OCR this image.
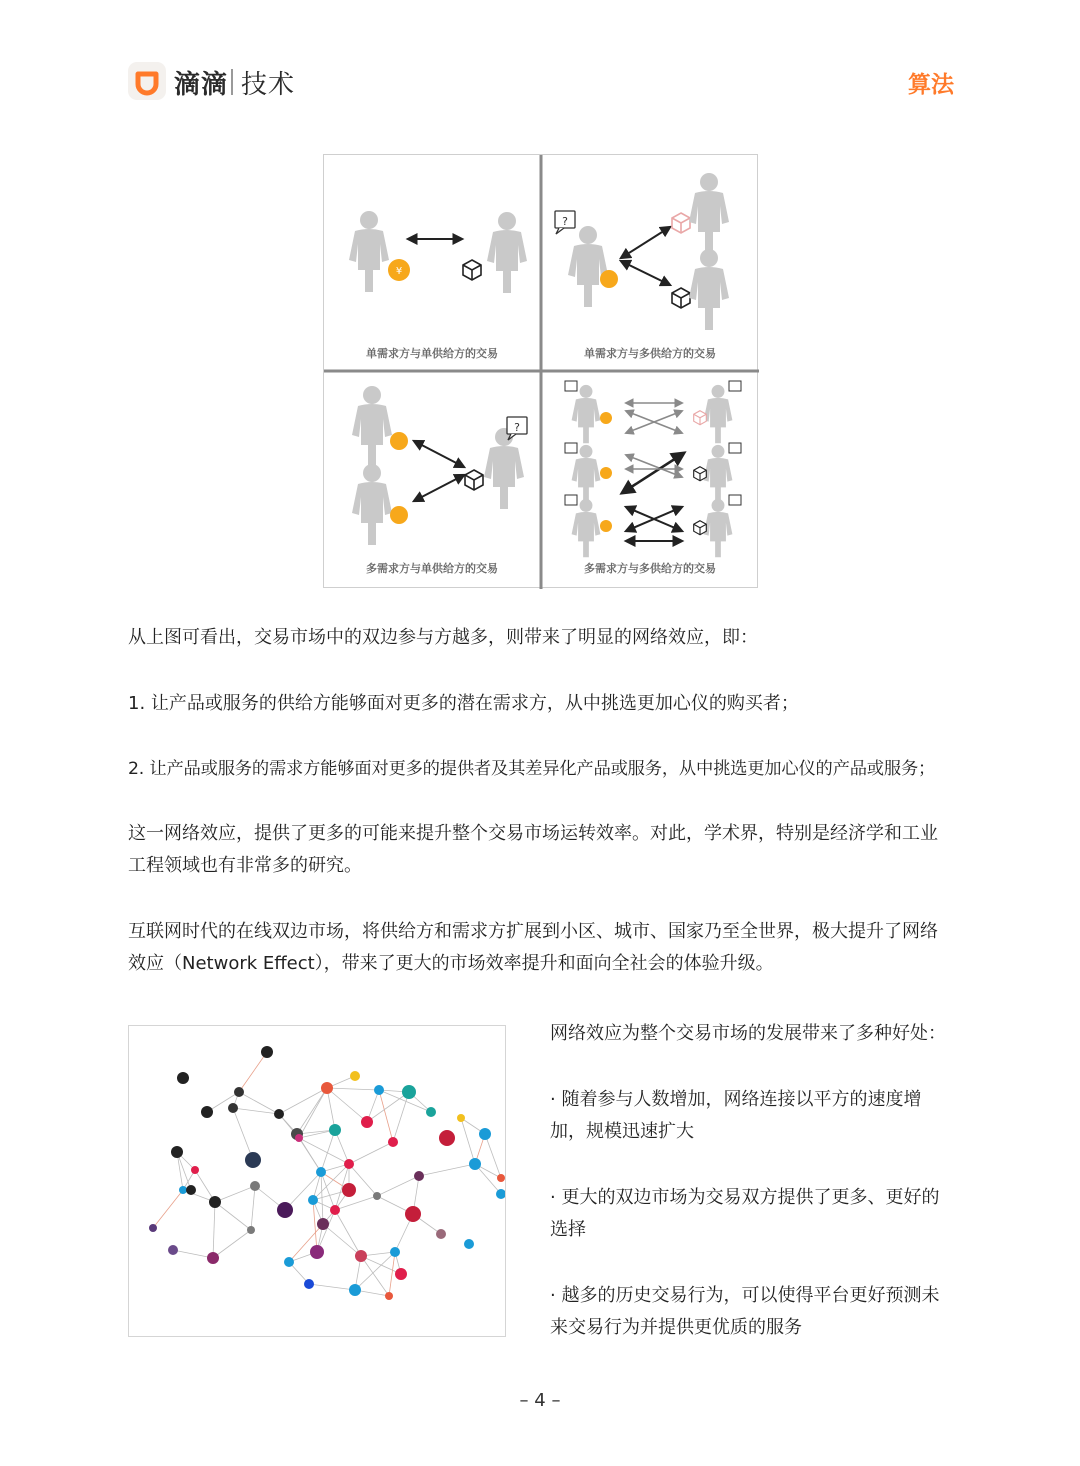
滴滴 技术	算法
¥
?
?
单需求方与单供给方的交易	单需求方与多供给方的交易
多需求方与单供给方的交易	多需求方与多供给方的交易

从上图可看出，交易市场中的双边参与方越多，则带来了明显的网络效应，即：

1. 让产品或服务的供给方能够面对更多的潜在需求方，从中挑选更加心仪的购买者；

2. 让产品或服务的需求方能够面对更多的提供者及其差异化产品或服务，从中挑选更加心仪的产品或服务；

这一网络效应，提供了更多的可能来提升整个交易市场运转效率。对此，学术界，特别是经济学和工业工程领域也有非常多的研究。

互联网时代的在线双边市场，将供给方和需求方扩展到小区、城市、国家乃至全世界，极大提升了网络效应（Network Effect），带来了更大的市场效率提升和面向全社会的体验升级。

网络效应为整个交易市场的发展带来了多种好处：

· 随着参与人数增加，网络连接以平方的速度增加，规模迅速扩大

· 更大的双边市场为交易双方提供了更多、更好的选择

· 越多的历史交易行为，可以使得平台更好预测未来交易行为并提供更优质的服务

– 4 –
